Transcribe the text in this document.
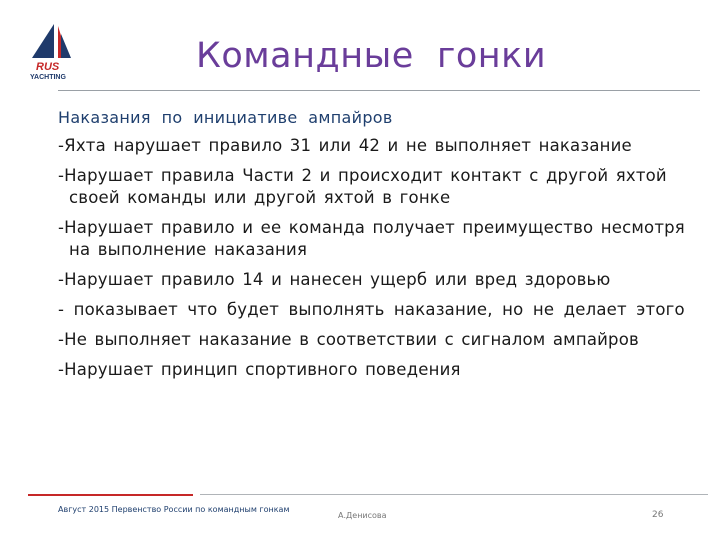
RUS
YACHTING
Командные  гонки
Наказания  по  инициативе  ампайров
-Яхта нарушает правило 31 или 42 и не выполняет наказание
-Нарушает правила Части 2 и происходит контакт с другой яхтой своей команды или другой яхтой в гонке
-Нарушает правило и ее команда получает преимущество несмотря на выполнение наказания
-Нарушает правило 14 и нанесен ущерб или вред здоровью
- показывает что будет выполнять наказание, но не делает этого
-Не выполняет наказание в соответствии с сигналом ампайров
-Нарушает принцип спортивного поведения
Август 2015 Первенство России по командным гонкам
А.Денисова	26
